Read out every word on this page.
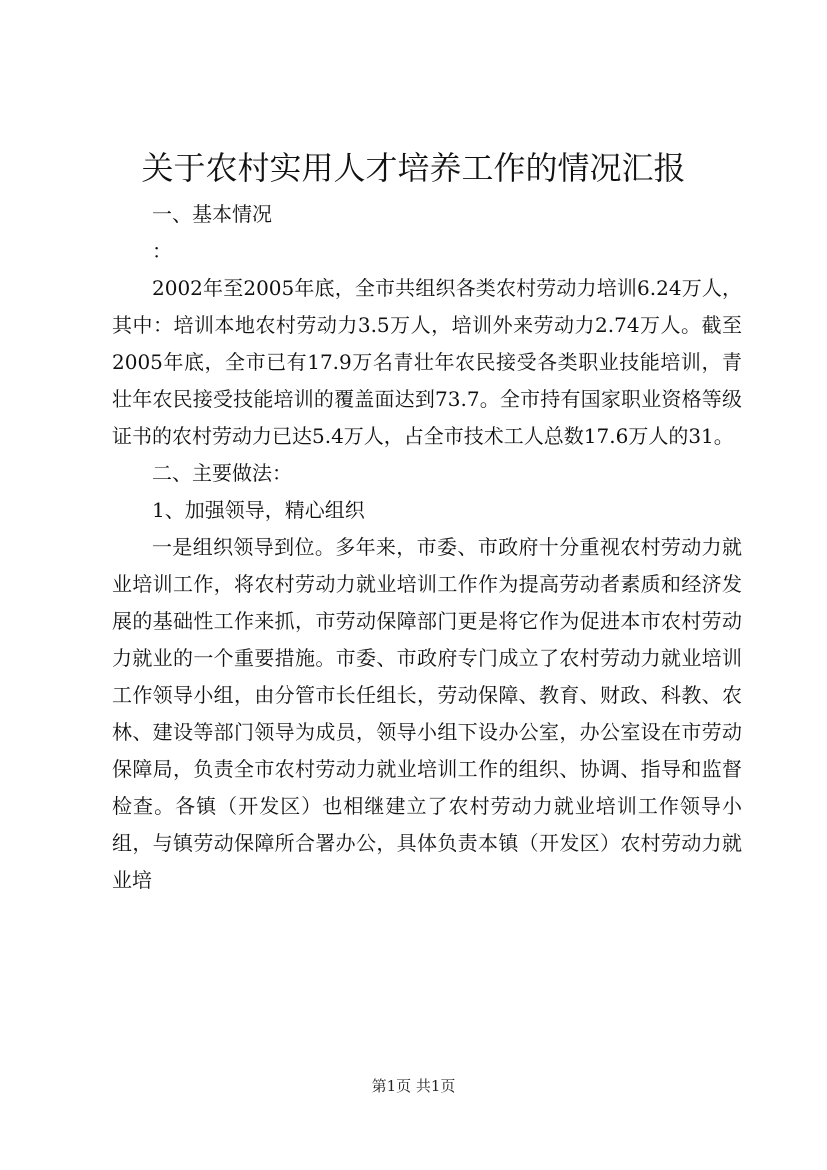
关于农村实用人才培养工作的情况汇报

一、基本情况

：

2002年至2005年底，全市共组织各类农村劳动力培训6.24万人，其中：培训本地农村劳动力3.5万人，培训外来劳动力2.74万人。截至2005年底，全市已有17.9万名青壮年农民接受各类职业技能培训，青壮年农民接受技能培训的覆盖面达到73.7。全市持有国家职业资格等级证书的农村劳动力已达5.4万人，占全市技术工人总数17.6万人的31。

二、主要做法：

1、加强领导，精心组织

一是组织领导到位。多年来，市委、市政府十分重视农村劳动力就业培训工作，将农村劳动力就业培训工作作为提高劳动者素质和经济发展的基础性工作来抓，市劳动保障部门更是将它作为促进本市农村劳动力就业的一个重要措施。市委、市政府专门成立了农村劳动力就业培训工作领导小组，由分管市长任组长，劳动保障、教育、财政、科教、农林、建设等部门领导为成员，领导小组下设办公室，办公室设在市劳动保障局，负责全市农村劳动力就业培训工作的组织、协调、指导和监督检查。各镇（开发区）也相继建立了农村劳动力就业培训工作领导小组，与镇劳动保障所合署办公，具体负责本镇（开发区）农村劳动力就业培

第1页 共1页
